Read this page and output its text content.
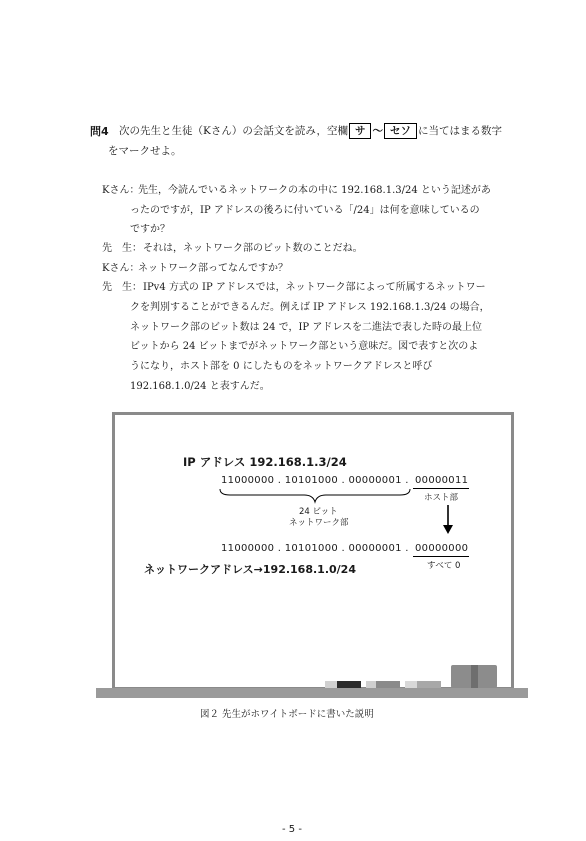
問4 次の先生と生徒（Kさん）の会話文を読み，空欄 サ 〜 セソ に当てはまる数字
をマークせよ。
Kさん：
先生，今読んでいるネットワークの本の中に 192.168.1.3/24 という記述があ
ったのですが，IP アドレスの後ろに付いている「/24」は何を意味しているの
ですか？
先　生： それは，ネットワーク部のビット数のことだね。
Kさん：
ネットワーク部ってなんですか？
先　生： IPv4 方式の IP アドレスでは，ネットワーク部によって所属するネットワー
クを判別することができるんだ。例えば IP アドレス 192.168.1.3/24 の場合，
ネットワーク部のビット数は 24 で，IP アドレスを二進法で表した時の最上位
ビットから 24 ビットまでがネットワーク部という意味だ。図で表すと次のよ
うになり，ホスト部を 0 にしたものをネットワークアドレスと呼び
192.168.1.0/24 と表すんだ。
IP アドレス 192.168.1.3/24
11000000 . 10101000 . 00000001 . 00000011
ホスト部
24 ビット
ネットワーク部
11000000 . 10101000 . 00000001 . 00000000
すべて 0
ネットワークアドレス→192.168.1.0/24
図２ 先生がホワイトボードに書いた説明
- 5 -
